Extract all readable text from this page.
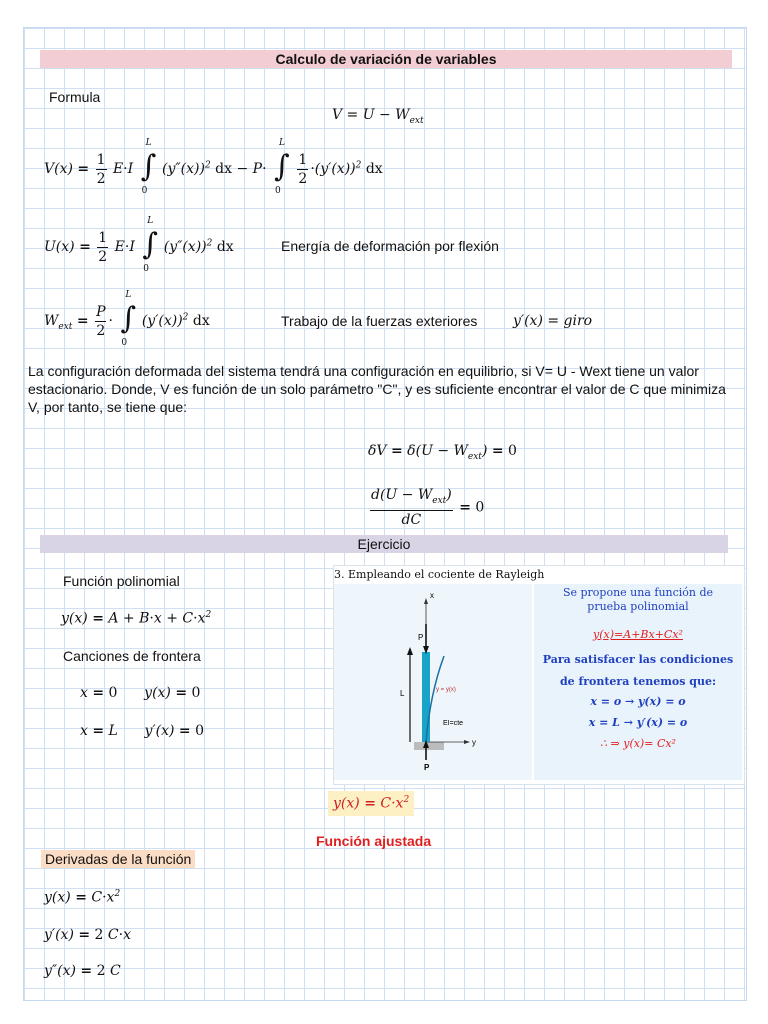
Calculo de variación de variables
Formula
$V = U - W_{ext}$
$V(x) = \frac{1}{2} E\cdot I$
L
∫
0
$(y''(x))^2$ dx − P·
L
∫
0

$\frac{1}{2} \cdot(y'(x))^2$ dx
$U(x) = \frac{1}{2} E\cdot I$
L
∫
0
$(y''(x))^2$ dx	Energía de deformación por flexión
$W_{ext} = \frac{P}{2}$ ·
L
∫
0
$(y'(x))^2$ dx	Trabajo de la fuerzas exteriores	y′(x) = giro
La configuración deformada del sistema tendrá una configuración en equilibrio, si V= U - Wext tiene un valor estacionario. Donde, V es función de un solo parámetro "C", y es suficiente encontrar el valor de C que minimiza V, por tanto, se tiene que:
$\delta V = \delta(U - W_{ext}) = 0$
$\frac{d(U - W_{ext})}{dC} = 0$
Ejercicio
Función polinomial
$y(x) = A + B\cdot x + C\cdot x^2$
Canciones de frontera
x = 0      y(x) = 0
x = L      y′(x) = 0
3. Empleando el cociente de Rayleigh
x
y
P
P
L	y = y(x)
EI=cte
Se propone una función de prueba polinomial
y(x)=A+Bx+Cx²
Para satisfacer las condiciones de frontera tenemos que:
x = o → y(x) = o
x = L → y′(x) = o
∴ ⇒ y(x)= Cx²
$y(x) = C\cdot x^2$
Función ajustada
Derivadas de la función
$y(x) = C\cdot x^2$
y′(x) = 2 C·x
y″(x) = 2 C
